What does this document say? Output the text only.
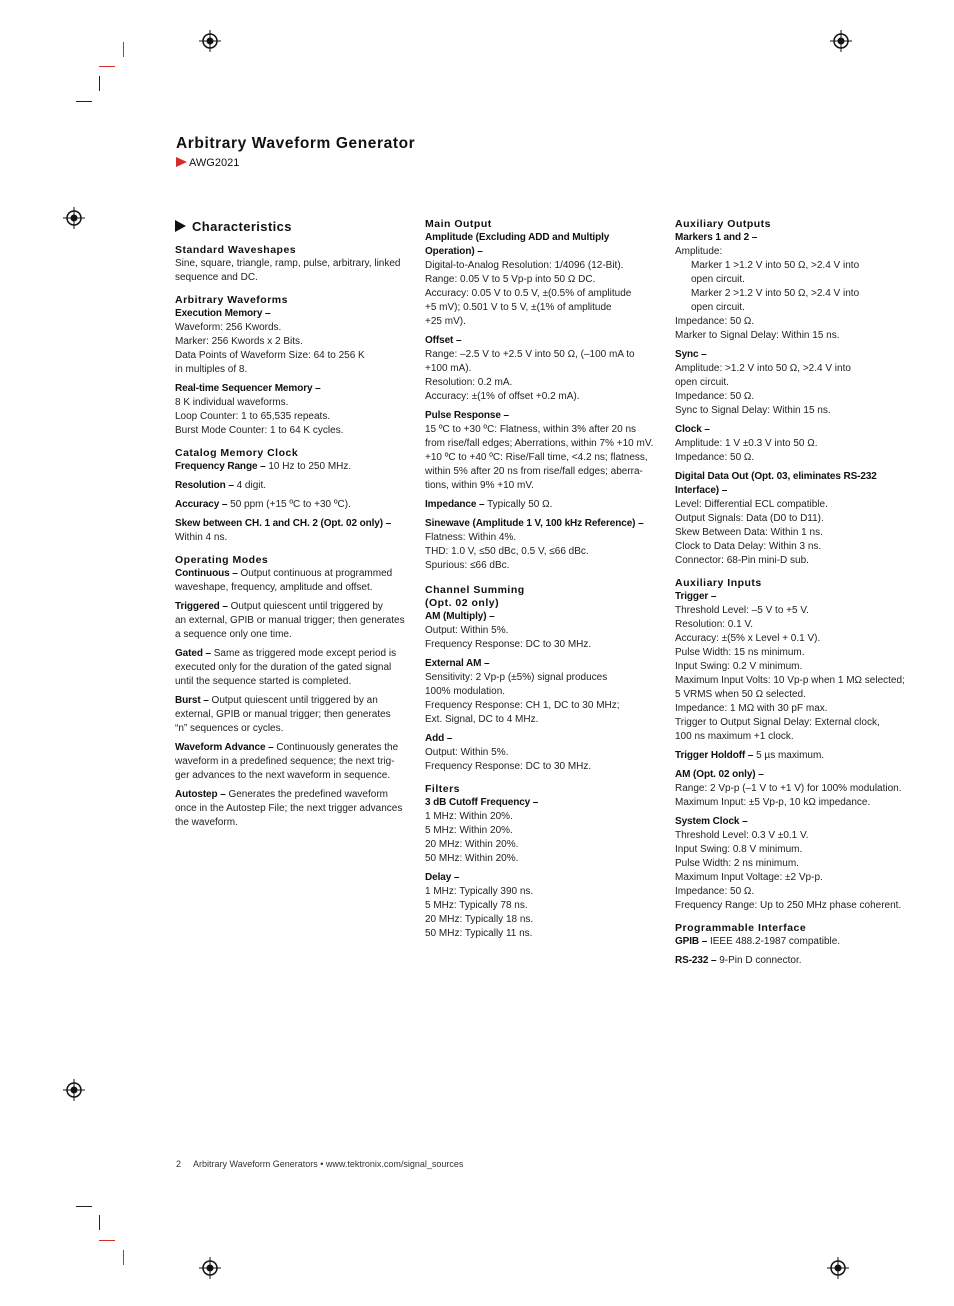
Arbitrary Waveform Generator
AWG2021
Characteristics
Standard Waveshapes
Sine, square, triangle, ramp, pulse, arbitrary, linked
sequence and DC.
Arbitrary Waveforms
Execution Memory –
Waveform: 256 Kwords.
Marker: 256 Kwords x 2 Bits.
Data Points of Waveform Size: 64 to 256 K
in multiples of 8.
Real-time Sequencer Memory –
8 K individual waveforms.
Loop Counter: 1 to 65,535 repeats.
Burst Mode Counter: 1 to 64 K cycles.
Catalog Memory Clock
Frequency Range – 10 Hz to 250 MHz.
Resolution – 4 digit.
Accuracy – 50 ppm (+15 ºC to +30 ºC).
Skew between CH. 1 and CH. 2 (Opt. 02 only) –
Within 4 ns.
Operating Modes
Continuous – Output continuous at programmed
waveshape, frequency, amplitude and offset.
Triggered – Output quiescent until triggered by
an external, GPIB or manual trigger; then generates
a sequence only one time.
Gated – Same as triggered mode except period is
executed only for the duration of the gated signal
until the sequence started is completed.
Burst – Output quiescent until triggered by an
external, GPIB or manual trigger; then generates
“n” sequences or cycles.
Waveform Advance – Continuously generates the
waveform in a predefined sequence; the next trig-
ger advances to the next waveform in sequence.
Autostep – Generates the predefined waveform
once in the Autostep File; the next trigger advances
the waveform.
Main Output
Amplitude (Excluding ADD and Multiply
Operation) –
Digital-to-Analog Resolution: 1/4096 (12-Bit).
Range: 0.05 V to 5 Vp-p into 50 Ω DC.
Accuracy: 0.05 V to 0.5 V, ±(0.5% of amplitude
+5 mV); 0.501 V to 5 V, ±(1% of amplitude
+25 mV).
Offset –
Range: –2.5 V to +2.5 V into 50 Ω, (–100 mA to
+100 mA).
Resolution: 0.2 mA.
Accuracy: ±(1% of offset +0.2 mA).
Pulse Response –
15 ºC to +30 ºC: Flatness, within 3% after 20 ns
from rise/fall edges; Aberrations, within 7% +10 mV.
+10 ºC to +40 ºC: Rise/Fall time, <4.2 ns; flatness,
within 5% after 20 ns from rise/fall edges; aberra-
tions, within 9% +10 mV.
Impedance – Typically 50 Ω.
Sinewave (Amplitude 1 V, 100 kHz Reference) –
Flatness: Within 4%.
THD: 1.0 V, ≤50 dBc, 0.5 V, ≤66 dBc.
Spurious: ≤66 dBc.
Channel Summing
(Opt. 02 only)
AM (Multiply) –
Output: Within 5%.
Frequency Response: DC to 30 MHz.
External AM –
Sensitivity: 2 Vp-p (±5%) signal produces
100% modulation.
Frequency Response: CH 1, DC to 30 MHz;
Ext. Signal, DC to 4 MHz.
Add –
Output: Within 5%.
Frequency Response: DC to 30 MHz.
Filters
3 dB Cutoff Frequency –
1 MHz: Within 20%.
5 MHz: Within 20%.
20 MHz: Within 20%.
50 MHz: Within 20%.
Delay –
1 MHz: Typically 390 ns.
5 MHz: Typically 78 ns.
20 MHz: Typically 18 ns.
50 MHz: Typically 11 ns.
Auxiliary Outputs
Markers 1 and 2 –
Amplitude:
Marker 1 >1.2 V into 50 Ω, >2.4 V into
open circuit.
Marker 2 >1.2 V into 50 Ω, >2.4 V into
open circuit.
Impedance: 50 Ω.
Marker to Signal Delay: Within 15 ns.
Sync –
Amplitude: >1.2 V into 50 Ω, >2.4 V into
open circuit.
Impedance: 50 Ω.
Sync to Signal Delay: Within 15 ns.
Clock –
Amplitude: 1 V ±0.3 V into 50 Ω.
Impedance: 50 Ω.
Digital Data Out (Opt. 03, eliminates RS-232
Interface) –
Level: Differential ECL compatible.
Output Signals: Data (D0 to D11).
Skew Between Data: Within 1 ns.
Clock to Data Delay: Within 3 ns.
Connector: 68-Pin mini-D sub.
Auxiliary Inputs
Trigger –
Threshold Level: –5 V to +5 V.
Resolution: 0.1 V.
Accuracy: ±(5% x Level + 0.1 V).
Pulse Width: 15 ns minimum.
Input Swing: 0.2 V minimum.
Maximum Input Volts: 10 Vp-p when 1 MΩ selected;
5 VRMS when 50 Ω selected.
Impedance: 1 MΩ with 30 pF max.
Trigger to Output Signal Delay: External clock,
100 ns maximum +1 clock.
Trigger Holdoff – 5 µs maximum.
AM (Opt. 02 only) –
Range: 2 Vp-p (–1 V to +1 V) for 100% modulation.
Maximum Input: ±5 Vp-p, 10 kΩ impedance.
System Clock –
Threshold Level: 0.3 V ±0.1 V.
Input Swing: 0.8 V minimum.
Pulse Width: 2 ns minimum.
Maximum Input Voltage: ±2 Vp-p.
Impedance: 50 Ω.
Frequency Range: Up to 250 MHz phase coherent.
Programmable Interface
GPIB – IEEE 488.2-1987 compatible.
RS-232 – 9-Pin D connector.
2 Arbitrary Waveform Generators • www.tektronix.com/signal_sources
